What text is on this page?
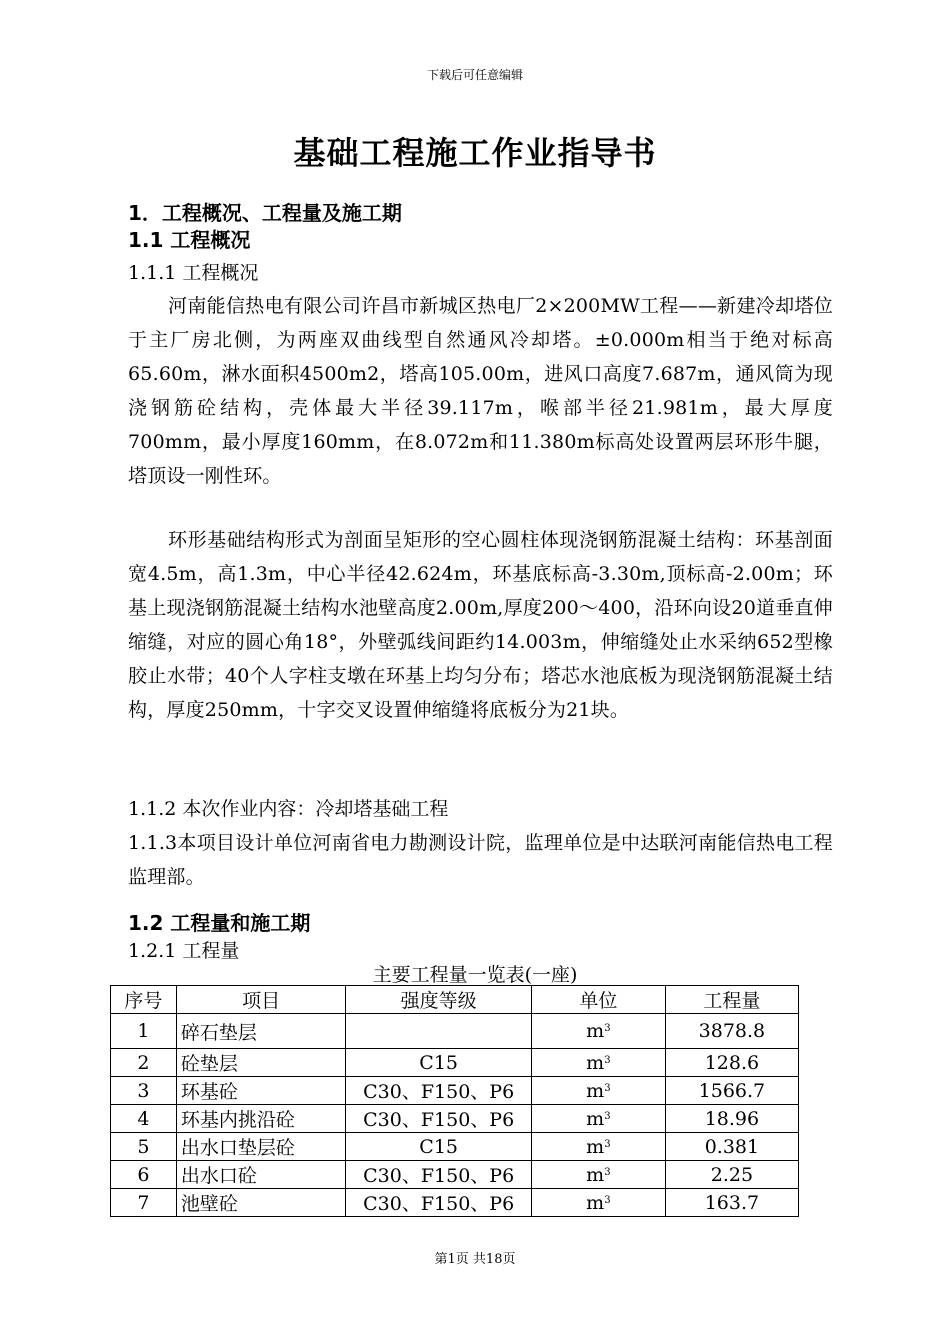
下载后可任意编辑
基础工程施工作业指导书
1．工程概况、工程量及施工期
1.1 工程概况
1.1.1 工程概况
河南能信热电有限公司许昌市新城区热电厂2×200MW工程——新建冷却塔位于主厂房北侧，为两座双曲线型自然通风冷却塔。±0.000m相当于绝对标高65.60m，淋水面积4500m2，塔高105.00m，进风口高度7.687m，通风筒为现浇钢筋砼结构，壳体最大半径39.117m，喉部半径21.981m，最大厚度700mm，最小厚度160mm，在8.072m和11.380m标高处设置两层环形牛腿，塔顶设一刚性环。
环形基础结构形式为剖面呈矩形的空心圆柱体现浇钢筋混凝土结构：环基剖面宽4.5m，高1.3m，中心半径42.624m，环基底标高-3.30m,顶标高-2.00m；环基上现浇钢筋混凝土结构水池壁高度2.00m,厚度200～400，沿环向设20道垂直伸缩缝，对应的圆心角18°，外壁弧线间距约14.003m，伸缩缝处止水采纳652型橡胶止水带；40个人字柱支墩在环基上均匀分布；塔芯水池底板为现浇钢筋混凝土结构，厚度250mm，十字交叉设置伸缩缝将底板分为21块。
1.1.2 本次作业内容：冷却塔基础工程
1.1.3本项目设计单位河南省电力勘测设计院，监理单位是中达联河南能信热电工程监理部。
1.2 工程量和施工期
1.2.1 工程量
主要工程量一览表(一座)
序号	项目	强度等级	单位	工程量
1	碎石垫层		$m^3$	3878.8
2	砼垫层	C15	$m^3$	128.6
3	环基砼	C30、F150、P6	$m^3$	1566.7
4	环基内挑沿砼	C30、F150、P6	$m^3$	18.96
5	出水口垫层砼	C15	$m^3$	0.381
6	出水口砼	C30、F150、P6	$m^3$	2.25
7	池壁砼	C30、F150、P6	$m^3$	163.7
第1页 共18页
